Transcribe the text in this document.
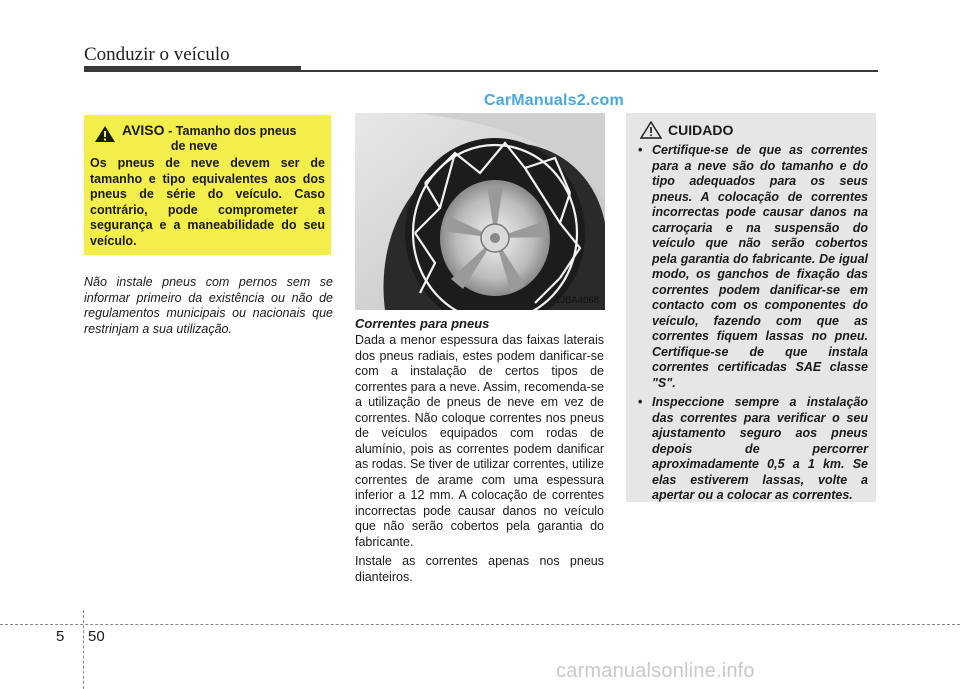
Conduzir o veículo
CarManuals2.com
AVISO - Tamanho dos pneus
de neve
Os pneus de neve devem ser de tamanho e tipo equivalentes aos dos pneus de série do veículo. Caso contrário, pode comprometer a segurança e a maneabilidade do seu veículo.
Não instale pneus com pernos sem se informar primeiro da existência ou não de regulamentos municipais ou nacionais que restrinjam a sua utilização.
1JBA4068
Correntes para pneus

Dada a menor espessura das faixas laterais dos pneus radiais, estes podem danificar-se com a instalação de certos tipos de correntes para a neve. Assim, recomenda-se a utilização de pneus de neve em vez de correntes. Não coloque correntes nos pneus de veículos equipados com rodas de alumínio, pois as correntes podem danificar as rodas. Se tiver de utilizar correntes, utilize correntes de arame com uma espessura inferior a 12 mm. A colocação de correntes incorrectas pode causar danos no veículo que não serão cobertos pela garantia do fabricante.

Instale as correntes apenas nos pneus dianteiros.

CUIDADO
• Certifique-se de que as correntes para a neve são do tamanho e do tipo adequados para os seus pneus. A colocação de correntes incorrectas pode causar danos na carroçaria e na suspensão do veículo que não serão cobertos pela garantia do fabricante. De igual modo, os ganchos de fixação das correntes podem danificar-se em contacto com os componentes do veículo, fazendo com que as correntes fiquem lassas no pneu. Certifique-se de que instala correntes certificadas SAE classe "S".
• Inspeccione sempre a instalação das correntes para verificar o seu ajustamento seguro aos pneus depois de percorrer aproximadamente 0,5 a 1 km. Se elas estiverem lassas, volte a apertar ou a colocar as correntes.
5 50
carmanualsonline.info
